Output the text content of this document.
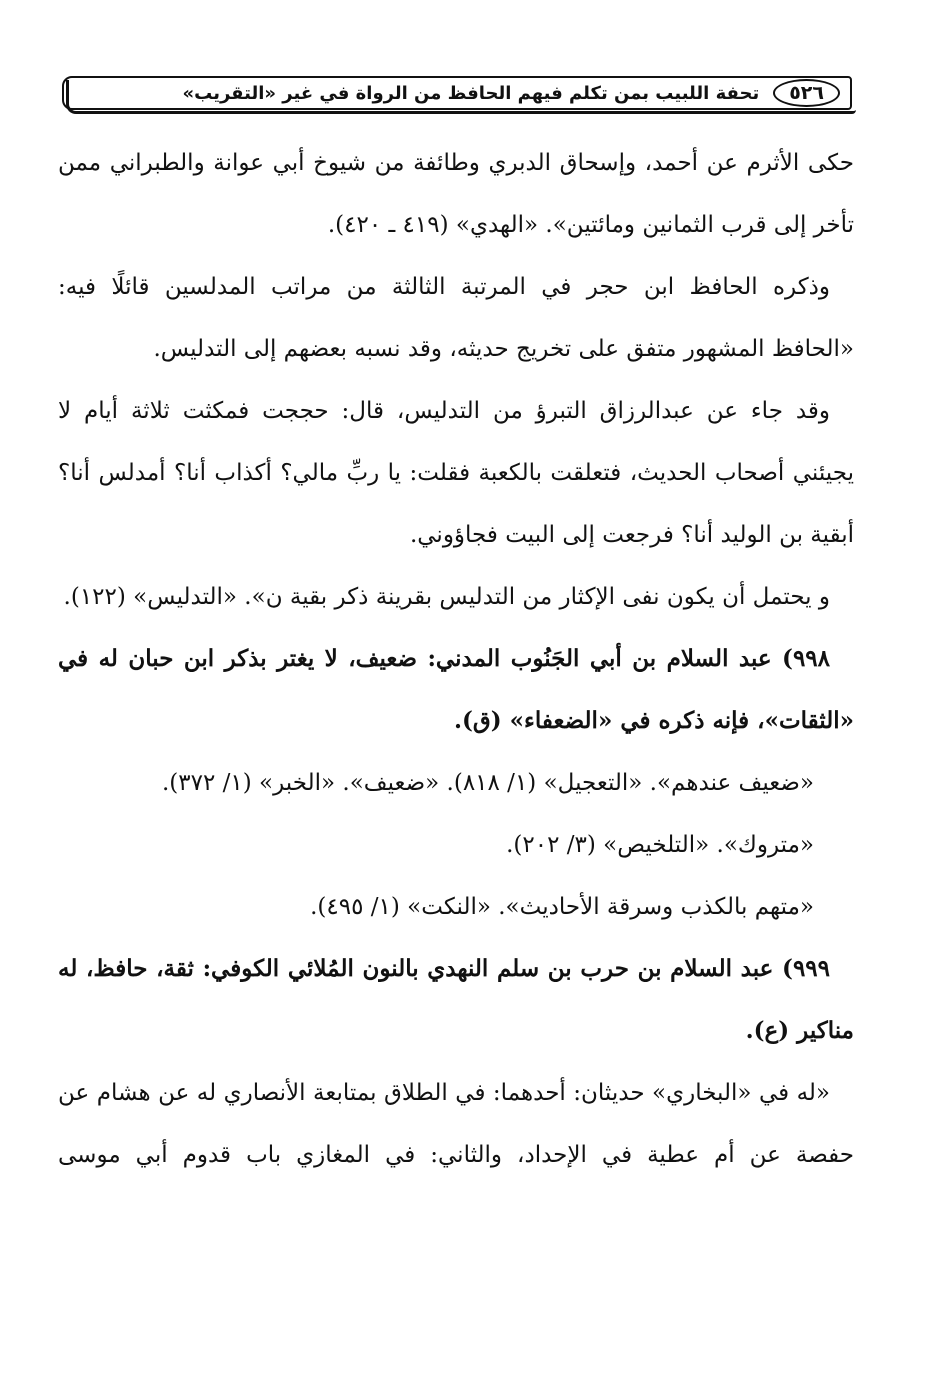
٥٢٦
تحفة اللبيب بمن تكلم فيهم الحافظ من الرواة في غير «التقريب»

حكى الأثرم عن أحمد، وإسحاق الدبري وطائفة من شيوخ أبي عوانة والطبراني ممن تأخر إلى قرب الثمانين ومائتين». «الهدي» (٤١٩ ـ ٤٢٠).

وذكره الحافظ ابن حجر في المرتبة الثالثة من مراتب المدلسين قائلًا فيه: «الحافظ المشهور متفق على تخريج حديثه، وقد نسبه بعضهم إلى التدليس.

وقد جاء عن عبدالرزاق التبرؤ من التدليس، قال: حججت فمكثت ثلاثة أيام لا يجيئني أصحاب الحديث، فتعلقت بالكعبة فقلت: يا ربِّ مالي؟ أكذاب أنا؟ أمدلس أنا؟ أبقية بن الوليد أنا؟ فرجعت إلى البيت فجاؤوني.

و يحتمل أن يكون نفى الإكثار من التدليس بقرينة ذكر بقية ن». «التدليس» (١٢٢).

٩٩٨) عبد السلام بن أبي الجَنُوب المدني: ضعيف، لا يغتر بذكر ابن حبان له في «الثقات»، فإنه ذكره في «الضعفاء» (ق).

«ضعيف عندهم». «التعجيل» (١/ ٨١٨). «ضعيف». «الخبر» (١/ ٣٧٢).

«متروك». «التلخيص» (٣/ ٢٠٢).

«متهم بالكذب وسرقة الأحاديث». «النكت» (١/ ٤٩٥).

٩٩٩) عبد السلام بن حرب بن سلم النهدي بالنون المُلائي الكوفي: ثقة، حافظ، له مناكير (ع).

«له في «البخاري» حديثان: أحدهما: في الطلاق بمتابعة الأنصاري له عن هشام عن حفصة عن أم عطية في الإحداد، والثاني: في المغازي باب قدوم أبي موسى
